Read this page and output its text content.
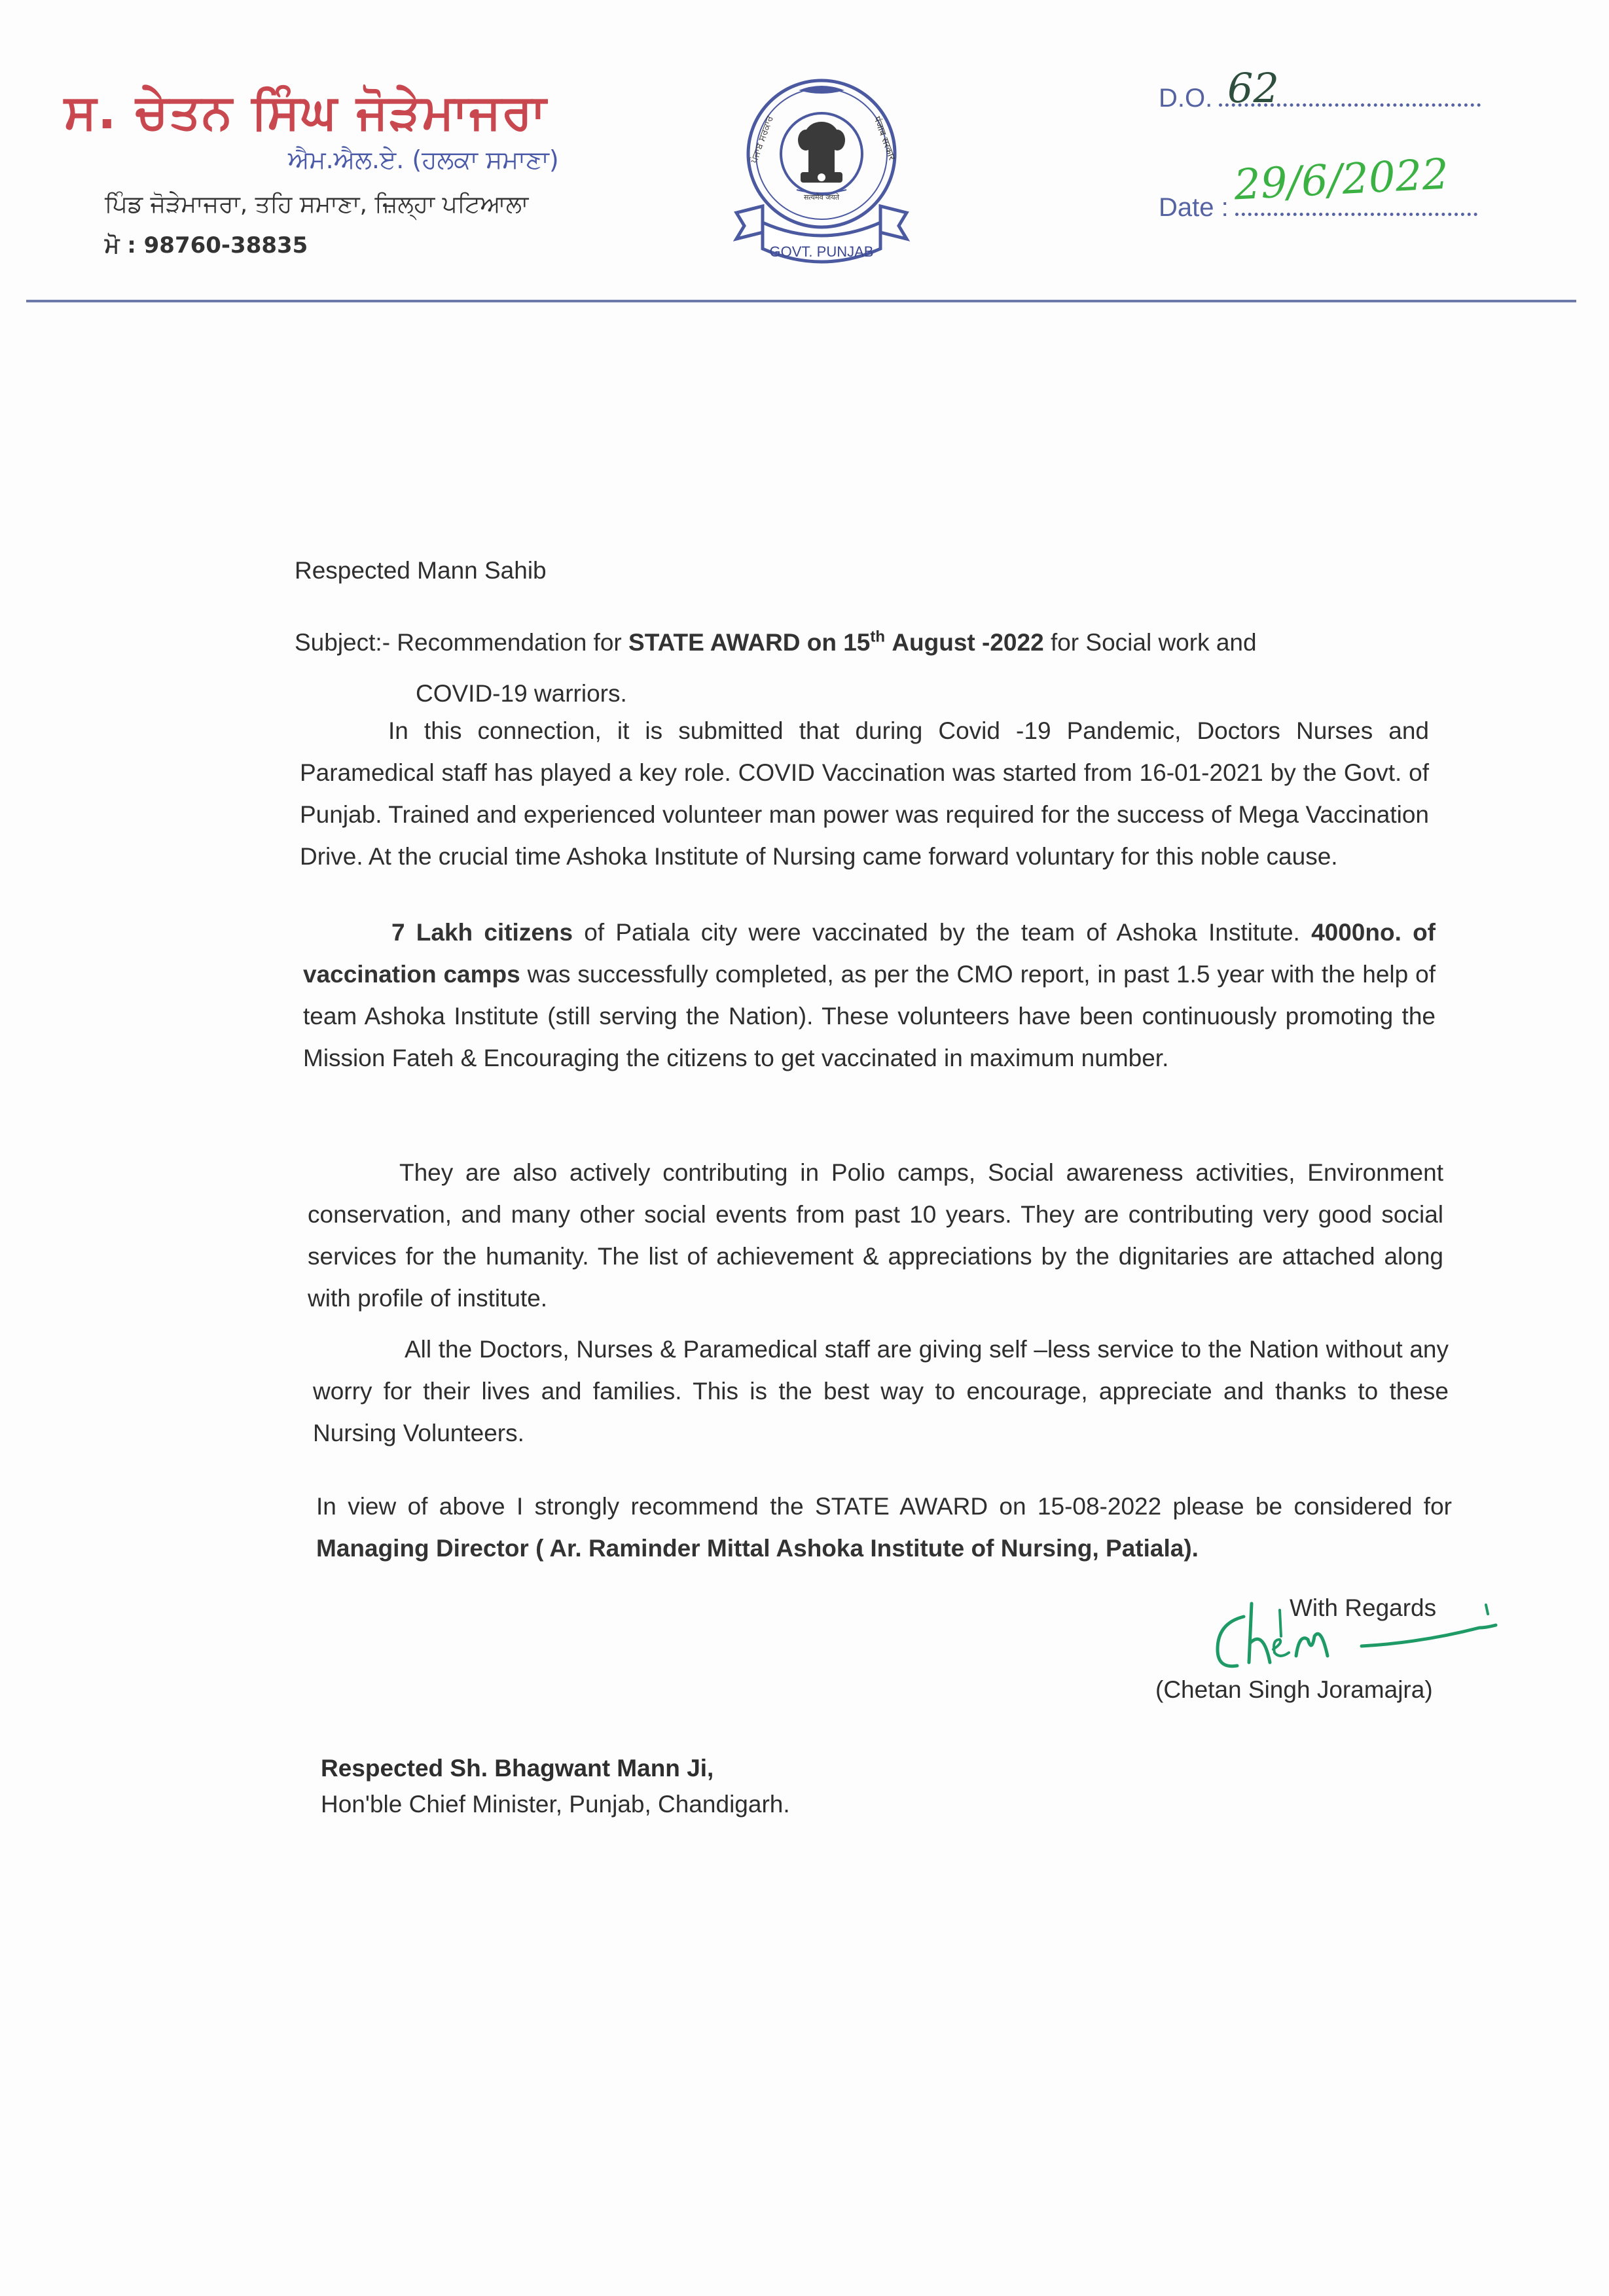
ਸ. ਚੇਤਨ ਸਿੰਘ ਜੋੜੇਮਾਜਰਾ
ਐਮ.ਐਲ.ਏ. (ਹਲਕਾ ਸਮਾਣਾ)
ਪਿੰਡ ਜੋੜੇਮਾਜਰਾ, ਤਹਿ ਸਮਾਣਾ, ਜ਼ਿਲ੍ਹਾ ਪਟਿਆਲਾ
ਮੋ : 98760-38835
सत्यमेव जयते
ਪੰਜਾਬ ਸਰਕਾਰ	पंजाब सरकार
GOVT. PUNJAB
D.O. 62
Date : 29/6/2022
Respected Mann Sahib
Subject:- Recommendation for STATE AWARD on 15th August -2022 for Social work and
COVID-19 warriors.
In this connection, it is submitted that during Covid -19 Pandemic, Doctors Nurses and Paramedical staff has played a key role. COVID Vaccination was started from 16-01-2021 by the Govt. of Punjab. Trained and experienced volunteer man power was required for the success of Mega Vaccination Drive. At the crucial time Ashoka Institute of Nursing came forward voluntary for this noble cause.
7 Lakh citizens of Patiala city were vaccinated by the team of Ashoka Institute. 4000no. of vaccination camps was successfully completed, as per the CMO report, in past 1.5 year with the help of team Ashoka Institute (still serving the Nation). These volunteers have been continuously promoting the Mission Fateh & Encouraging the citizens to get vaccinated in maximum number.
They are also actively contributing in Polio camps, Social awareness activities, Environment conservation, and many other social events from past 10 years. They are contributing very good social services for the humanity. The list of achievement & appreciations by the dignitaries are attached along with profile of institute.
All the Doctors, Nurses & Paramedical staff are giving self –less service to the Nation without any worry for their lives and families. This is the best way to encourage, appreciate and thanks to these Nursing Volunteers.
In view of above I strongly recommend the STATE AWARD on 15-08-2022 please be considered for Managing Director ( Ar. Raminder Mittal Ashoka Institute of Nursing, Patiala).
With Regards
(Chetan Singh Joramajra)
Respected Sh. Bhagwant Mann Ji,
Hon'ble Chief Minister, Punjab, Chandigarh.
